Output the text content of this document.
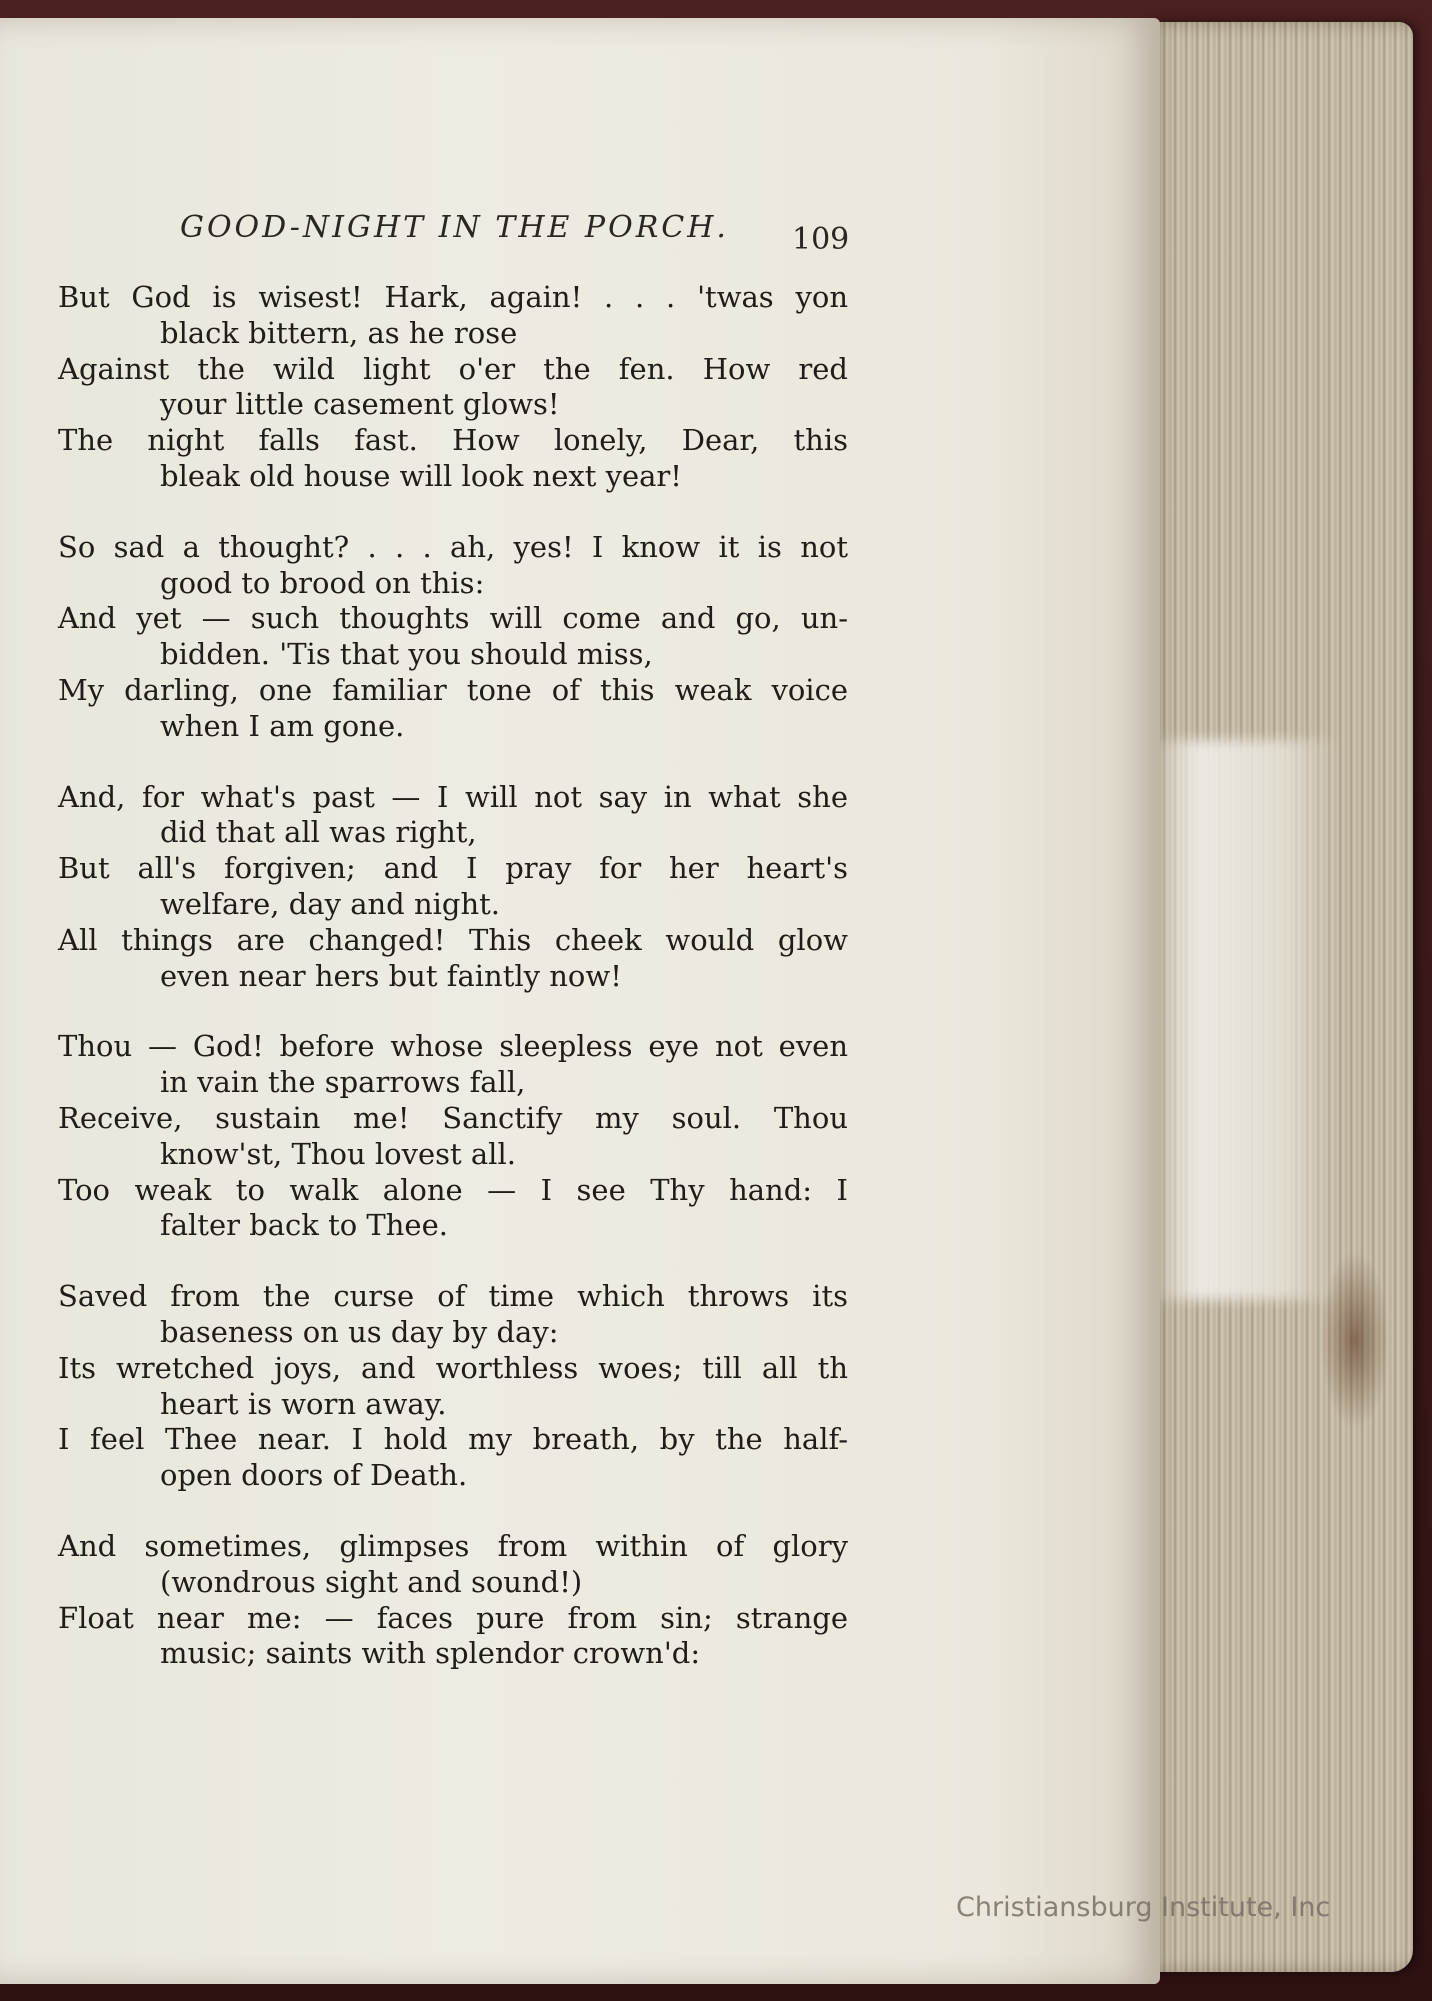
GOOD-NIGHT IN THE PORCH.	109
But God is wisest! Hark, again! . . . 'twas yon
black bittern, as he rose
Against the wild light o'er the fen. How red
your little casement glows!
The night falls fast. How lonely, Dear, this
bleak old house will look next year!
So sad a thought? . . . ah, yes! I know it is not
good to brood on this:
And yet — such thoughts will come and go, un-
bidden. 'Tis that you should miss,
My darling, one familiar tone of this weak voice
when I am gone.
And, for what's past — I will not say in what she
did that all was right,
But all's forgiven; and I pray for her heart's
welfare, day and night.
All things are changed! This cheek would glow
even near hers but faintly now!
Thou — God! before whose sleepless eye not even
in vain the sparrows fall,
Receive, sustain me! Sanctify my soul. Thou
know'st, Thou lovest all.
Too weak to walk alone — I see Thy hand: I
falter back to Thee.
Saved from the curse of time which throws its
baseness on us day by day:
Its wretched joys, and worthless woes; till all th
heart is worn away.
I feel Thee near. I hold my breath, by the half-
open doors of Death.
And sometimes, glimpses from within of glory
(wondrous sight and sound!)
Float near me: — faces pure from sin; strange
music; saints with splendor crown'd:
Christiansburg Institute, Inc
